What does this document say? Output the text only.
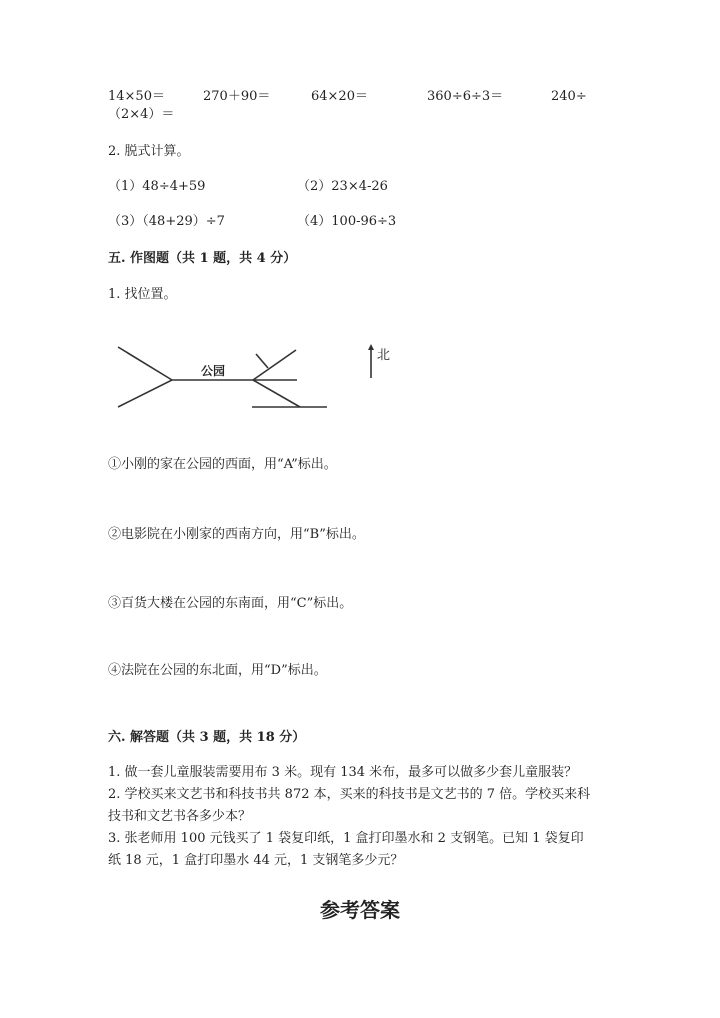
14×50＝	270＋90＝	64×20＝	360÷6÷3＝	240÷
（2×4）＝
2. 脱式计算。
（1）48÷4+59	（2）23×4-26
（3）（48+29）÷7	（4）100-96÷3
五. 作图题（共 1 题，共 4 分）
1. 找位置。
公园
北
①小刚的家在公园的西面，用“A”标出。
②电影院在小刚家的西南方向，用“B”标出。
③百货大楼在公园的东南面，用“C”标出。
④法院在公园的东北面，用“D”标出。
六. 解答题（共 3 题，共 18 分）
1. 做一套儿童服装需要用布 3 米。现有 134 米布，最多可以做多少套儿童服装？
2. 学校买来文艺书和科技书共 872 本，买来的科技书是文艺书的 7 倍。学校买来科技书和文艺书各多少本？
3. 张老师用 100 元钱买了 1 袋复印纸，1 盒打印墨水和 2 支钢笔。已知 1 袋复印纸 18 元，1 盒打印墨水 44 元，1 支钢笔多少元？
参考答案
